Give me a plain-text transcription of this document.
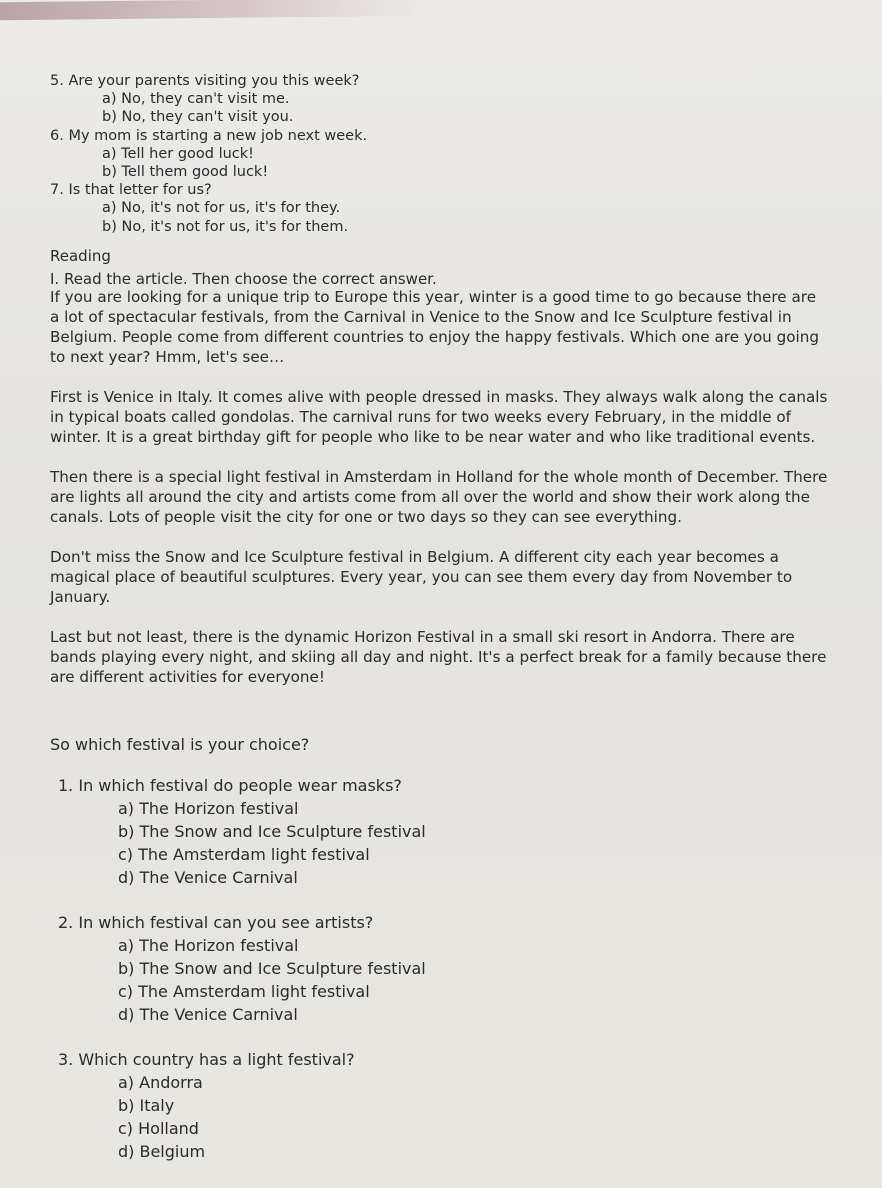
5. Are your parents visiting you this week?

a) No, they can't visit me.

b) No, they can't visit you.

6. My mom is starting a new job next week.

a) Tell her good luck!

b) Tell them good luck!

7. Is that letter for us?

a) No, it's not for us, it's for they.

b) No, it's not for us, it's for them.

Reading
I. Read the article. Then choose the correct answer.

If you are looking for a unique trip to Europe this year, winter is a good time to go because there are a lot of spectacular festivals, from the Carnival in Venice to the Snow and Ice Sculpture festival in Belgium. People come from different countries to enjoy the happy festivals. Which one are you going to next year? Hmm, let's see…

First is Venice in Italy. It comes alive with people dressed in masks. They always walk along the canals in typical boats called gondolas. The carnival runs for two weeks every February, in the middle of winter. It is a great birthday gift for people who like to be near water and who like traditional events.

Then there is a special light festival in Amsterdam in Holland for the whole month of December. There are lights all around the city and artists come from all over the world and show their work along the canals. Lots of people visit the city for one or two days so they can see everything.

Don't miss the Snow and Ice Sculpture festival in Belgium. A different city each year becomes a magical place of beautiful sculptures. Every year, you can see them every day from November to January.

Last but not least, there is the dynamic Horizon Festival in a small ski resort in Andorra. There are bands playing every night, and skiing all day and night. It's a perfect break for a family because there are different activities for everyone!

So which festival is your choice?

1. In which festival do people wear masks?

a) The Horizon festival

b) The Snow and Ice Sculpture festival

c) The Amsterdam light festival

d) The Venice Carnival

2. In which festival can you see artists?

a) The Horizon festival

b) The Snow and Ice Sculpture festival

c) The Amsterdam light festival

d) The Venice Carnival

3. Which country has a light festival?

a) Andorra

b) Italy

c) Holland

d) Belgium
